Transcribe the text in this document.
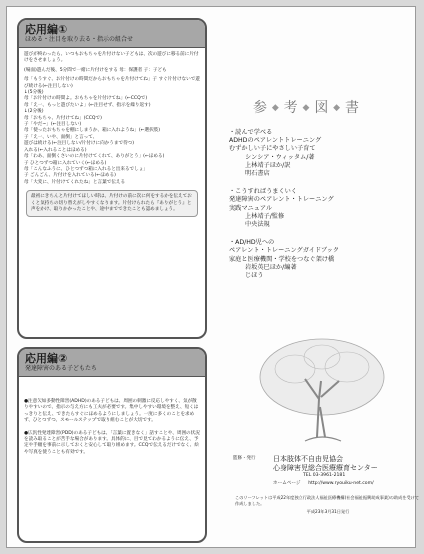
応用編①
ほめる・注目を取り去る・指示の組合せ

遊びが終わったら、いつもおもちゃを片付けない子どもは、次の遊びに移る前に片付けをさせましょう。

(場面)遊んだ後、5分間で一緒に片付けをする 母：保護者 子：子ども

母「もうすぐ、お片付けの時間だからおもちゃを片付けてね」子 すぐ片付けないで遊び続ける(←注目しない)
↓(5分後)
母「お片付けの時間よ。おもちゃを片付けてね」(←CCQで)
母「え一、もっと遊びたいよ」(←注目せず、指示を繰り返す)
↓(2分後)
母「おもちゃ、片付けてね」(CCQで)
子「やだ~」(←注目しない)
母「使ったおもちゃを棚にしまうか、箱に入れようね」(←選択肢)
子「え一、いや、面倒」と言って、
遊びは続ける(←注目しない/片付けに向かうまで待つ)
入れる(←入れることはほめる)
母「わあ、面倒くさいのに片付けてくれて、ありがとう」(←ほめる)
子 ひとつずつ箱に入れていく(←ほめる)
母「こんなふうに、ひとつずつ箱に入れると出来るでしょ」
子 ごんごん、片付けを入れている(←ほめる)
母「大変に、片付けてくれたね」と言葉で伝える
最初にきちんと片付けてほしい時は、片付けの前に次に何をするかを伝えておくと気持ちの切り替えがしやすくなります。片付けられたら『ありがとう』と声をかけ、取りかかったことや、途中までできたことも認めましょう。
応用編②
発達障害のある子どもたち

●注意欠如多動性障害(ADHD)のある子どもは、周囲の刺激に反応しやすく、気が散りやすいので、指示の与え方にも工夫が必要です。集中しやすい環境を整え、短くはっきりと伝え、できたらすぐにほめるようにしましょう。一度に多くのことを求めず、ひとつずつ、スモールステップで取り組むことが大切です。

●広汎性発達障害(PDD)のある子どもは、「言葉に置きなく」話すことや、周囲の状況を読み取ることが苦手な場合があります。具体的に、目で見てわかるように伝え、予定や手順を事前に示しておくと安心して取り組めます。CCQで伝えるだけでなく、絵や写真を使うことも有効です。

参 ◆ 考 ◆ 図 ◆ 書
・読んで学べる
ADHDのペアレントトレーニング
むずかしい子にやさしい子育て
シンシア・ウィッタム/著
上林靖子ほか/訳
明石書店
・こうすればうまくいく
発達障害のペアレント・トレーニング
実践マニュアル
上林靖子/監修
中央法規
・AD/HD児への
ペアレント・トレーニングガイドブック
家庭と医療機関・学校をつなぐ架け橋
岩坂英巳ほか/編著
じほう
監修・発行	日本肢体不自由児協会
心身障害児総合医療療育センター
TEL 03-3961-2181
ホームページ http://www.ryouiku-net.com/
このリーフレットは平成22年度独立行政法人福祉医療機構(社会福祉振興助成事業)の助成を受けて作成しました。
平成23年3月31日発行
